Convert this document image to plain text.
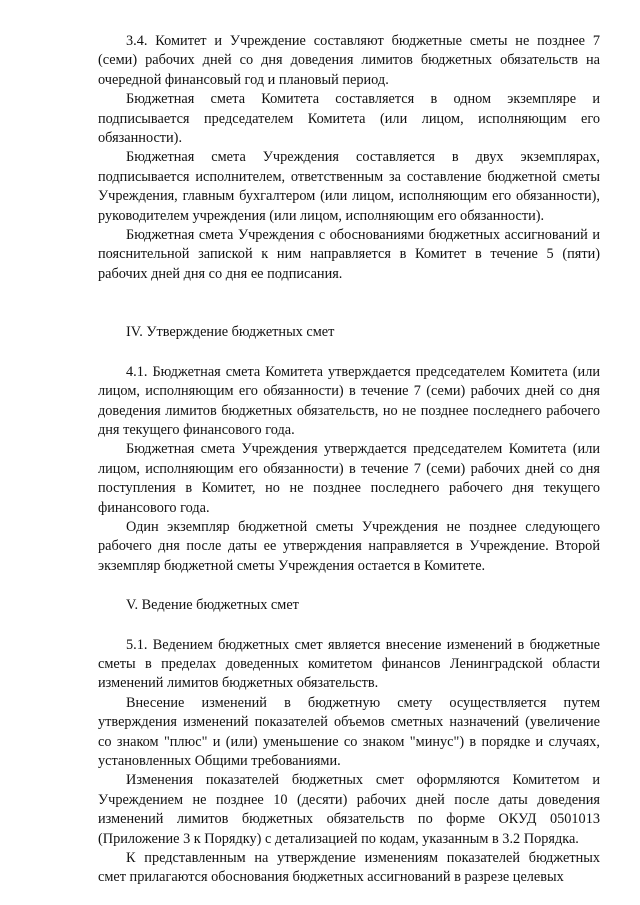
3.4. Комитет и Учреждение составляют бюджетные сметы не позднее 7 (семи) рабочих дней со дня доведения лимитов бюджетных обязательств на очередной финансовый год и плановый период.

Бюджетная смета Комитета составляется в одном экземпляре и подписывается председателем Комитета (или лицом, исполняющим его обязанности).

Бюджетная смета Учреждения составляется в двух экземплярах, подписывается исполнителем, ответственным за составление бюджетной сметы Учреждения, главным бухгалтером (или лицом, исполняющим его обязанности), руководителем учреждения (или лицом, исполняющим его обязанности).

Бюджетная смета Учреждения с обоснованиями бюджетных ассигнований и пояснительной запиской к ним направляется в Комитет в течение 5 (пяти) рабочих дней дня со дня ее подписания.

IV. Утверждение бюджетных смет

4.1. Бюджетная смета Комитета утверждается председателем Комитета (или лицом, исполняющим его обязанности) в течение 7 (семи) рабочих дней со дня доведения лимитов бюджетных обязательств, но не позднее последнего рабочего дня текущего финансового года.

Бюджетная смета Учреждения утверждается председателем Комитета (или лицом, исполняющим его обязанности) в течение 7 (семи) рабочих дней со дня поступления в Комитет, но не позднее последнего рабочего дня текущего финансового года.

Один экземпляр бюджетной сметы Учреждения не позднее следующего рабочего дня после даты ее утверждения направляется в Учреждение. Второй экземпляр бюджетной сметы Учреждения остается в Комитете.

V. Ведение бюджетных смет

5.1. Ведением бюджетных смет является внесение изменений в бюджетные сметы в пределах доведенных комитетом финансов Ленинградской области изменений лимитов бюджетных обязательств.

Внесение изменений в бюджетную смету осуществляется путем утверждения изменений показателей объемов сметных назначений (увеличение со знаком "плюс" и (или) уменьшение со знаком "минус") в порядке и случаях, установленных Общими требованиями.

Изменения показателей бюджетных смет оформляются Комитетом и Учреждением не позднее 10 (десяти) рабочих дней после даты доведения изменений лимитов бюджетных обязательств по форме ОКУД 0501013 (Приложение 3 к Порядку) с детализацией по кодам, указанным в 3.2 Порядка.

К представленным на утверждение изменениям показателей бюджетных смет прилагаются обоснования бюджетных ассигнований в разрезе целевых
